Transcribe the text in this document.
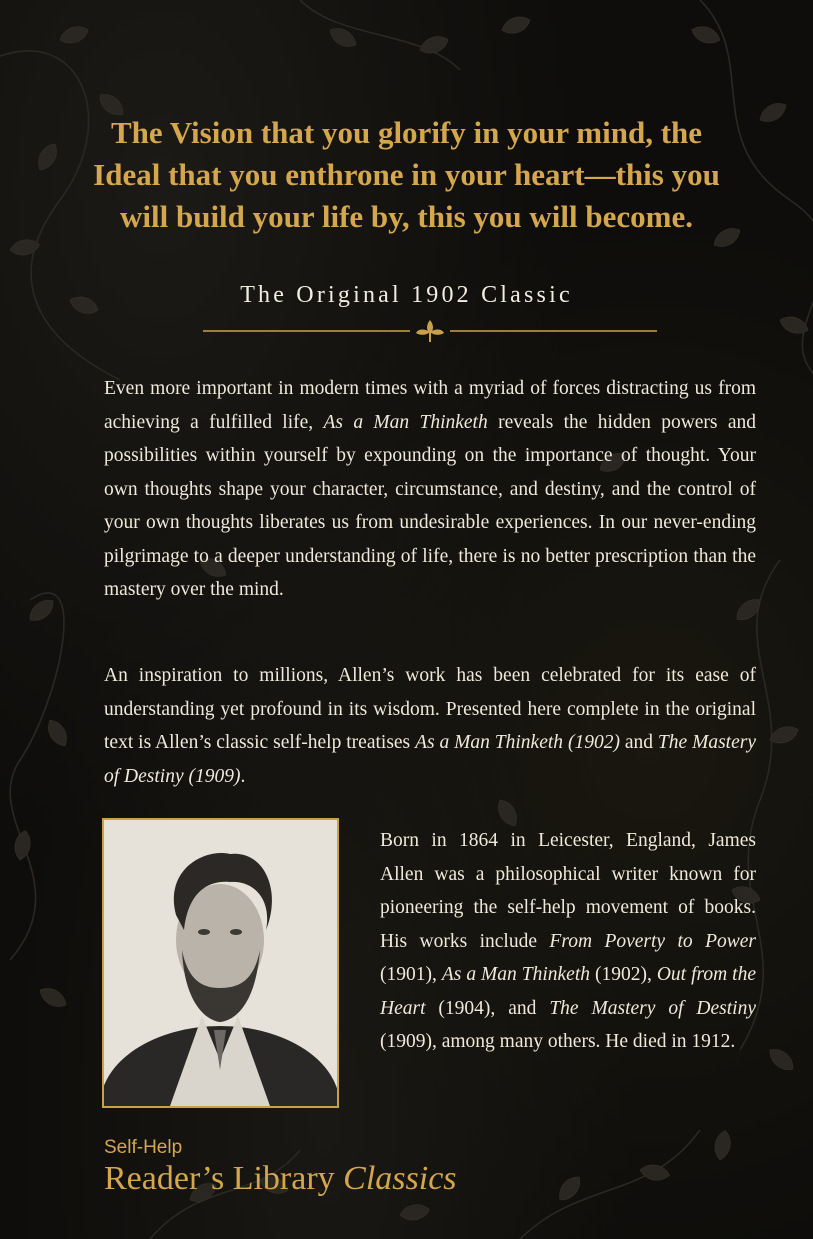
The Vision that you glorify in your mind, the
Ideal that you enthrone in your heart—this you
will build your life by, this you will become.
The Original 1902 Classic

Even more important in modern times with a myriad of forces distracting us from achieving a fulfilled life, As a Man Thinketh reveals the hidden powers and possibilities within yourself by expounding on the importance of thought. Your own thoughts shape your character, circumstance, and destiny, and the control of your own thoughts liberates us from undesirable experiences. In our never-ending pilgrimage to a deeper understanding of life, there is no better prescription than the mastery over the mind.

An inspiration to millions, Allen’s work has been celebrated for its ease of understanding yet profound in its wisdom. Presented here complete in the original text is Allen’s classic self-help treatises As a Man Thinketh (1902) and The Mastery of Destiny (1909).

Born in 1864 in Leicester, England, James Allen was a philosophical writer known for pioneering the self-help movement of books. His works include From Poverty to Power (1901), As a Man Thinketh (1902), Out from the Heart (1904), and The Mastery of Destiny (1909), among many others. He died in 1912.

Self-Help
Reader’s Library Classics
